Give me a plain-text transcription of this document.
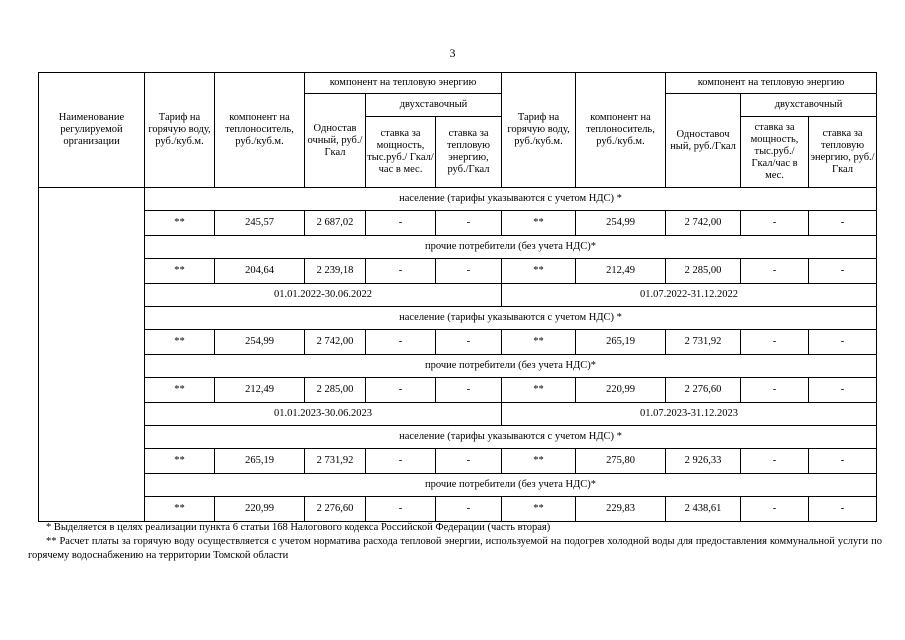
3
Наименование регулируемой организации	Тариф на горячую воду, руб./куб.м.	компонент на теплоноситель, руб./куб.м.	компонент на тепловую энергию			Тариф на горячую воду, руб./куб.м.	компонент на теплоноситель, руб./куб.м.	компонент на тепловую энергию		
			Одностав очный, руб./Гкал	двухставочный				Одноставоч ный, руб./Гкал	двухставочный	
				ставка за мощность, тыс.руб./ Гкал/час в мес.	ставка за тепловую энергию, руб./Гкал				ставка за мощность, тыс.руб./ Гкал/час в мес.	ставка за тепловую энергию, руб./Гкал
	население (тарифы указываются с учетом НДС) *									
	**	245,57	2 687,02	-	-	**	254,99	2 742,00	-	-
	прочие потребители (без учета НДС)*									
	**	204,64	2 239,18	-	-	**	212,49	2 285,00	-	-
	01.01.2022-30.06.2022					01.07.2022-31.12.2022				
	население (тарифы указываются с учетом НДС) *									
	**	254,99	2 742,00	-	-	**	265,19	2 731,92	-	-
	прочие потребители (без учета НДС)*									
	**	212,49	2 285,00	-	-	**	220,99	2 276,60	-	-
	01.01.2023-30.06.2023					01.07.2023-31.12.2023				
	население (тарифы указываются с учетом НДС) *									
	**	265,19	2 731,92	-	-	**	275,80	2 926,33	-	-
	прочие потребители (без учета НДС)*									
	**	220,99	2 276,60	-	-	**	229,83	2 438,61	-	-

* Выделяется в целях реализации пункта 6 статьи 168 Налогового кодекса Российской Федерации (часть вторая)

** Расчет платы за горячую воду осуществляется с учетом норматива расхода тепловой энергии, используемой на подогрев холодной воды для предоставления коммунальной услуги по горячему водоснабжению на территории Томской области
